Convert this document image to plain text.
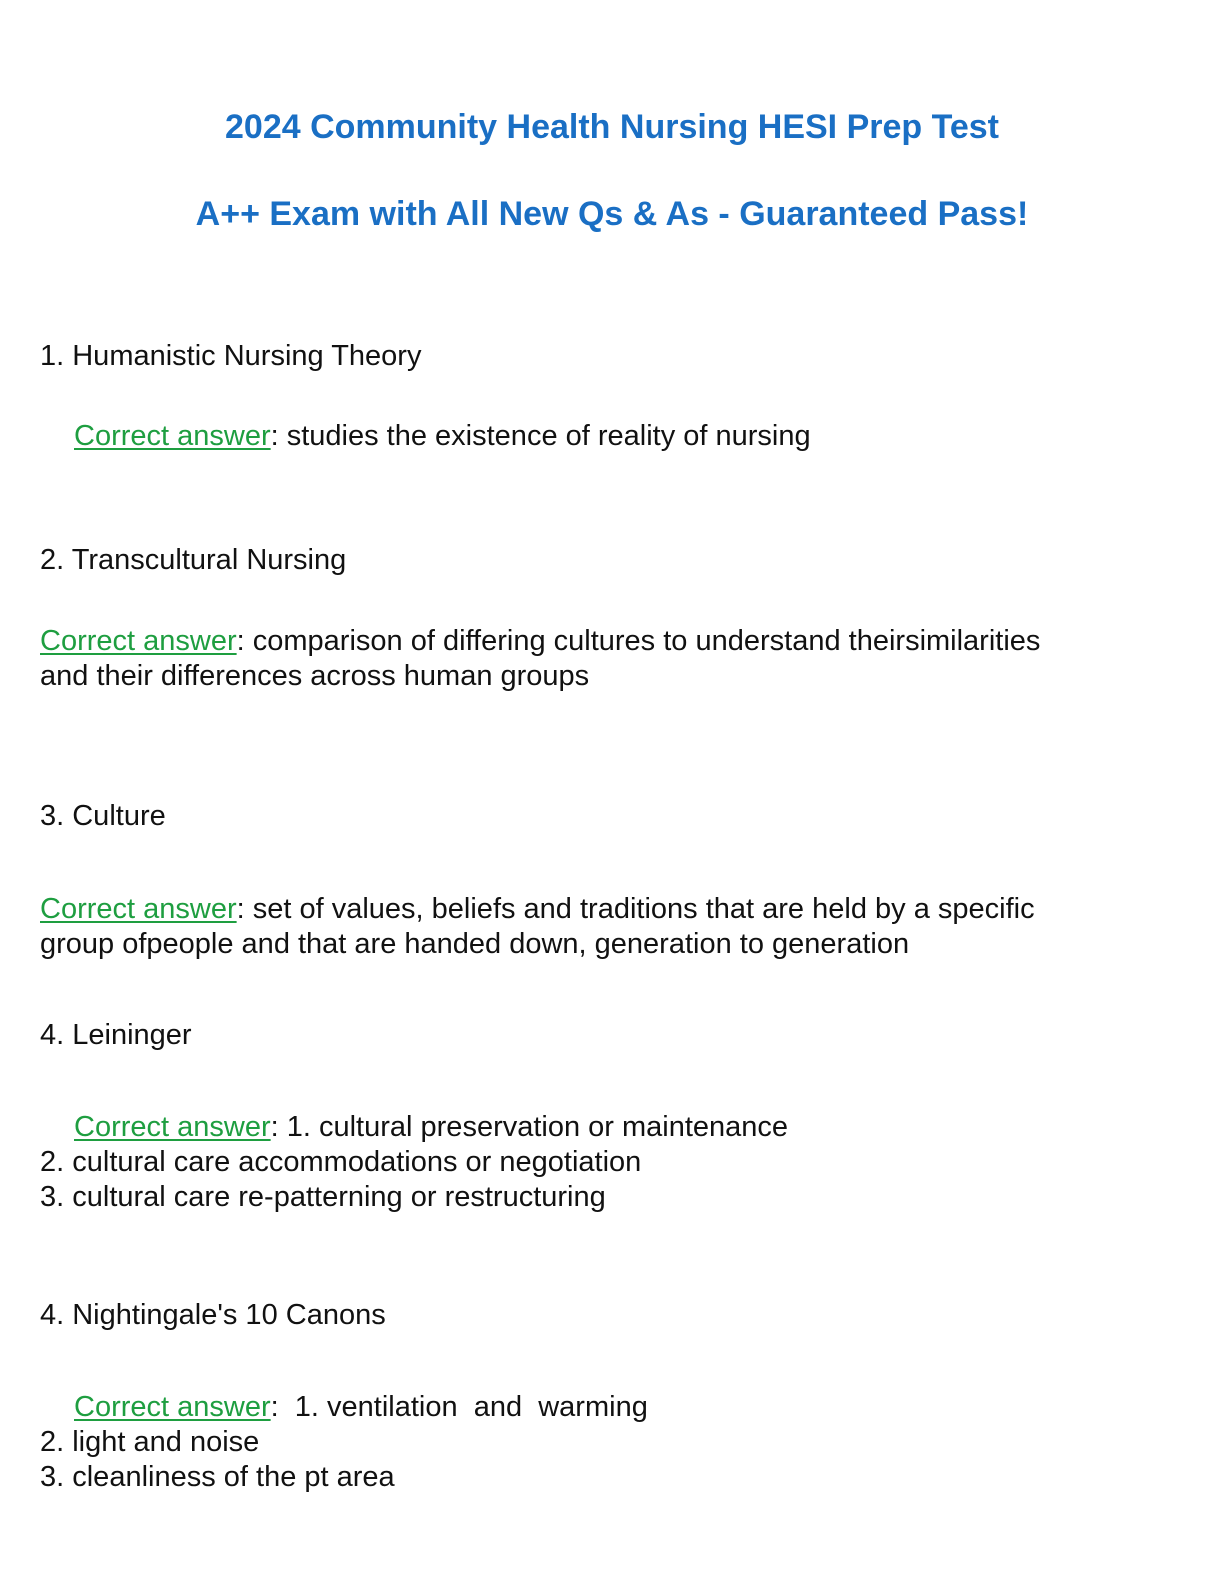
2024 Community Health Nursing HESI Prep Test
A++ Exam with All New Qs & As - Guaranteed Pass!

1. Humanistic Nursing Theory

Correct answer: studies the existence of reality of nursing

2. Transcultural Nursing

Correct answer: comparison of differing cultures to understand theirsimilarities

and their differences across human groups

3. Culture

Correct answer: set of values, beliefs and traditions that are held by a specific

group ofpeople and that are handed down, generation to generation

4. Leininger

Correct answer: 1. cultural preservation or maintenance

2. cultural care accommodations or negotiation

3. cultural care re-patterning or restructuring

4. Nightingale's 10 Canons

Correct answer:  1. ventilation  and  warming

2. light and noise

3. cleanliness of the pt area
